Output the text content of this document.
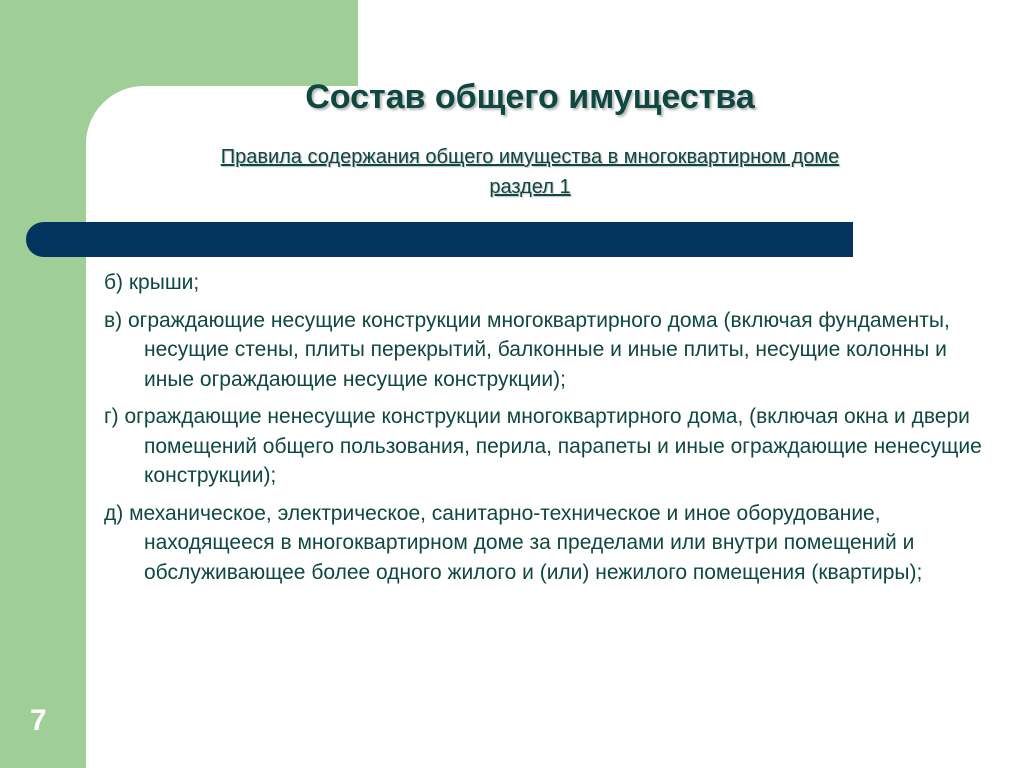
Состав общего имущества
Правила содержания общего имущества в многоквартирном доме
раздел 1
б) крыши;
в) ограждающие несущие конструкции многоквартирного дома (включая фундаменты, несущие стены, плиты перекрытий, балконные и иные плиты, несущие колонны и иные ограждающие несущие конструкции);
г) ограждающие ненесущие конструкции многоквартирного дома, (включая окна и двери помещений общего пользования, перила, парапеты и иные ограждающие ненесущие конструкции);
д) механическое, электрическое, санитарно-техническое и иное оборудование, находящееся в многоквартирном доме за пределами или внутри помещений и обслуживающее более одного жилого и (или) нежилого помещения (квартиры);
7
